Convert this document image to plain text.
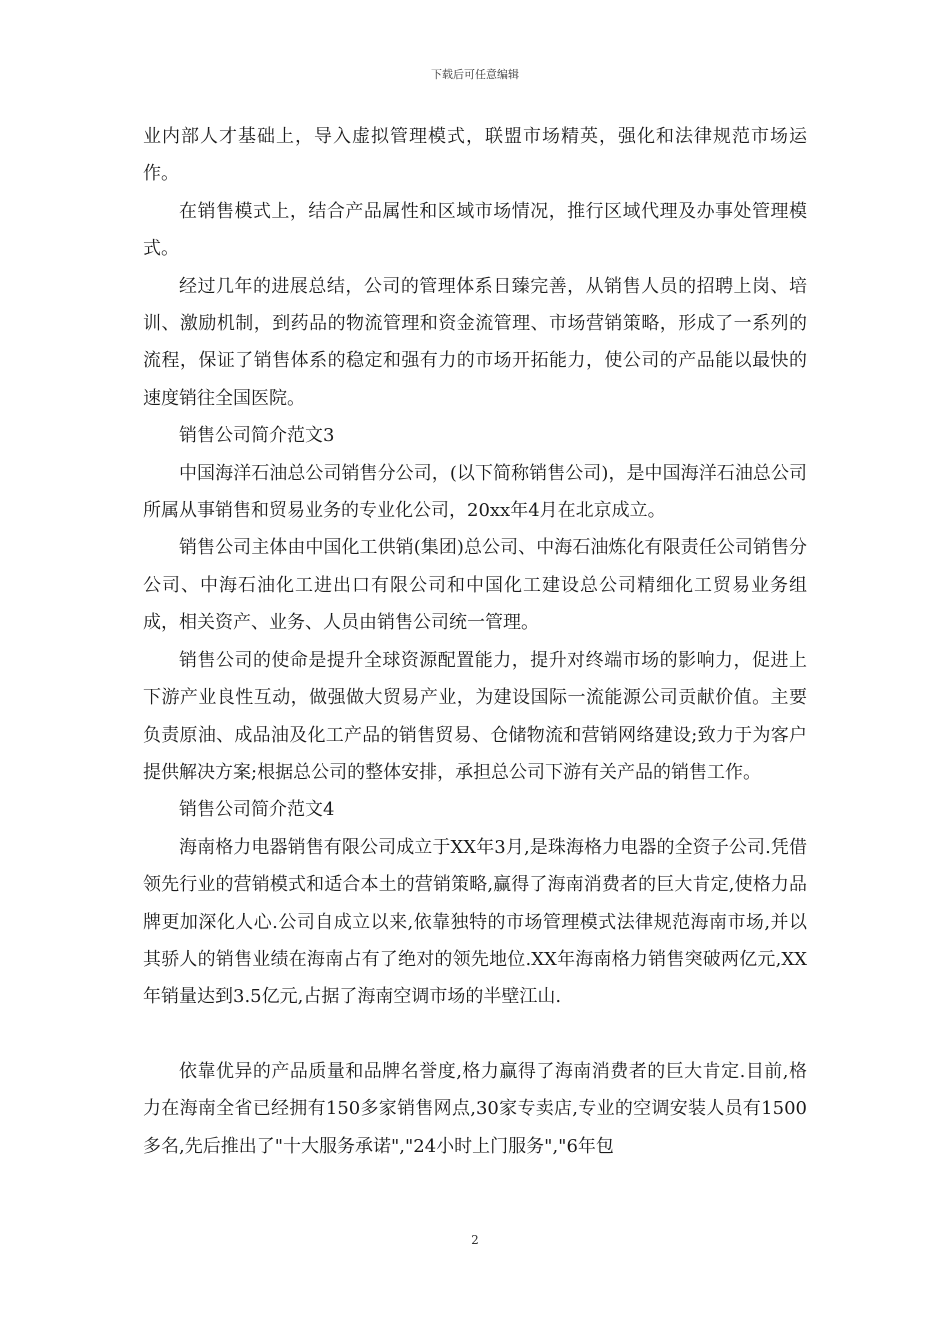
下载后可任意编辑

业内部人才基础上，导入虚拟管理模式，联盟市场精英，强化和法律规范市场运作。

在销售模式上，结合产品属性和区域市场情况，推行区域代理及办事处管理模式。

经过几年的进展总结，公司的管理体系日臻完善，从销售人员的招聘上岗、培训、激励机制，到药品的物流管理和资金流管理、市场营销策略，形成了一系列的流程，保证了销售体系的稳定和强有力的市场开拓能力，使公司的产品能以最快的速度销往全国医院。

销售公司简介范文3

中国海洋石油总公司销售分公司，(以下简称销售公司)，是中国海洋石油总公司所属从事销售和贸易业务的专业化公司，20xx年4月在北京成立。

销售公司主体由中国化工供销(集团)总公司、中海石油炼化有限责任公司销售分公司、中海石油化工进出口有限公司和中国化工建设总公司精细化工贸易业务组成，相关资产、业务、人员由销售公司统一管理。

销售公司的使命是提升全球资源配置能力，提升对终端市场的影响力，促进上下游产业良性互动，做强做大贸易产业，为建设国际一流能源公司贡献价值。主要负责原油、成品油及化工产品的销售贸易、仓储物流和营销网络建设;致力于为客户提供解决方案;根据总公司的整体安排，承担总公司下游有关产品的销售工作。

销售公司简介范文4

海南格力电器销售有限公司成立于XX年3月,是珠海格力电器的全资子公司.凭借领先行业的营销模式和适合本土的营销策略,赢得了海南消费者的巨大肯定,使格力品牌更加深化人心.公司自成立以来,依靠独特的市场管理模式法律规范海南市场,并以其骄人的销售业绩在海南占有了绝对的领先地位.XX年海南格力销售突破两亿元,XX年销量达到3.5亿元,占据了海南空调市场的半壁江山.

依靠优异的产品质量和品牌名誉度,格力赢得了海南消费者的巨大肯定.目前,格力在海南全省已经拥有150多家销售网点,30家专卖店,专业的空调安装人员有1500多名,先后推出了"十大服务承诺","24小时上门服务","6年包

2
